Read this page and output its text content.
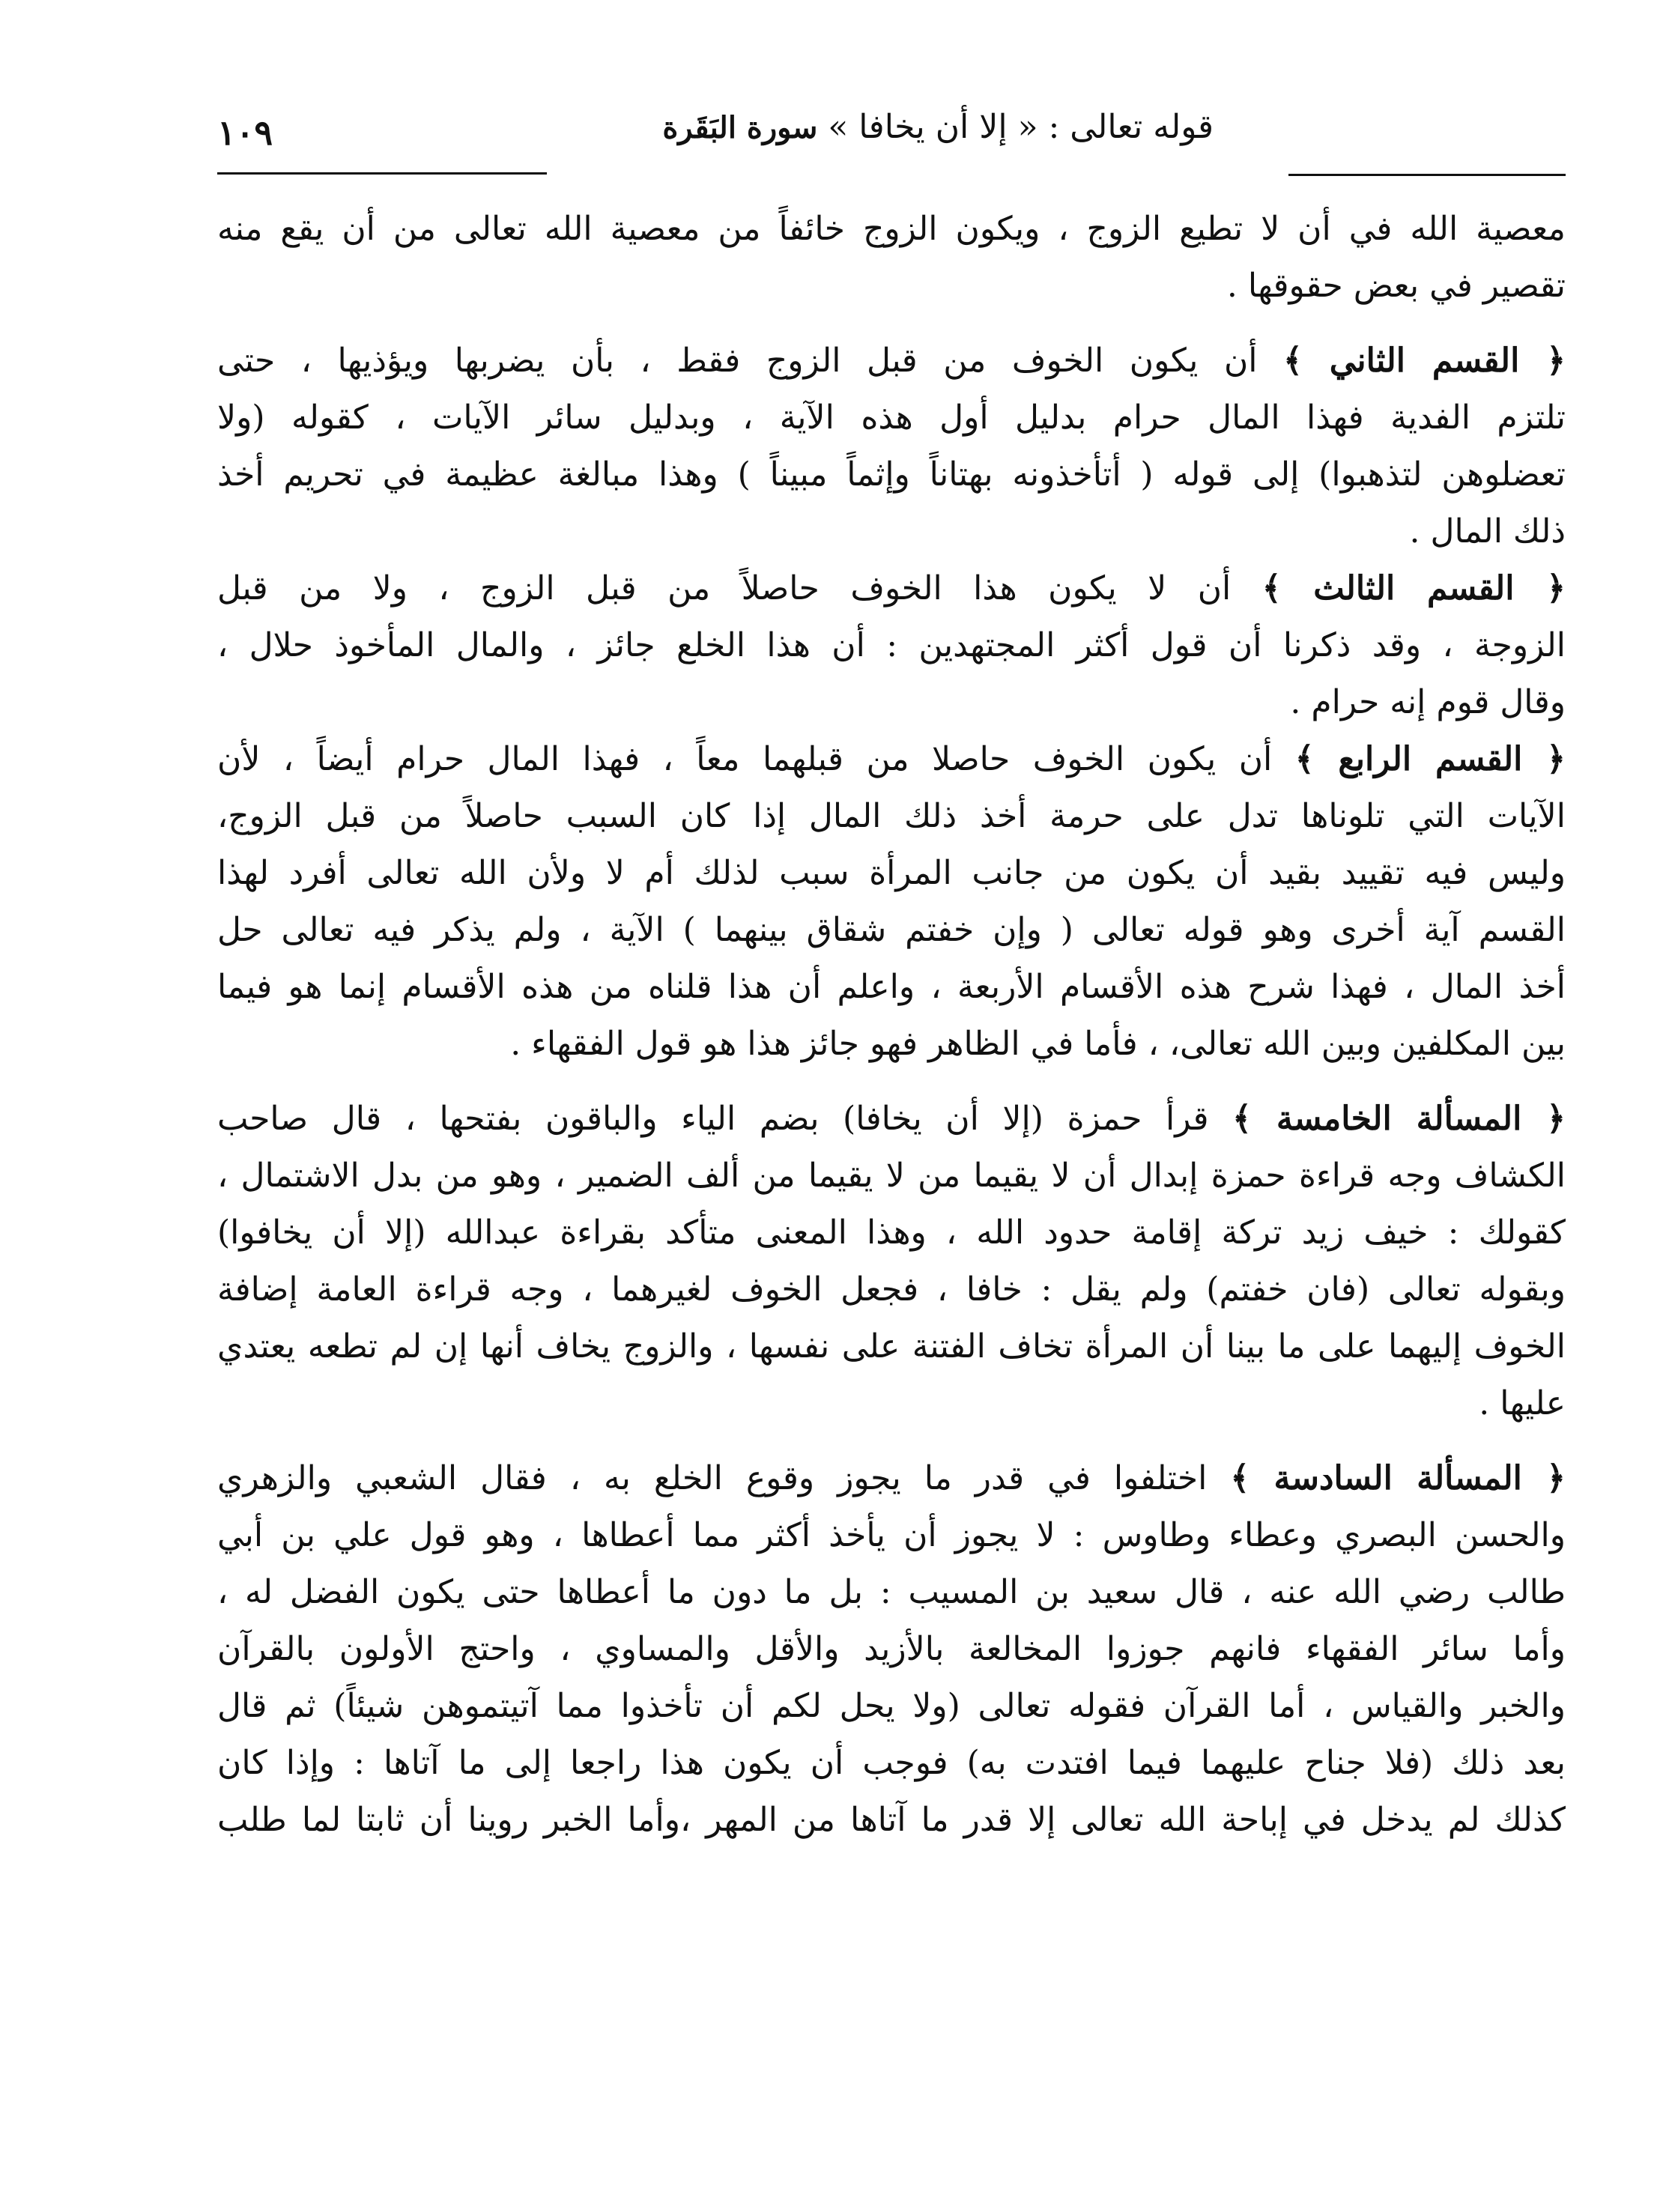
١٠٩	قوله تعالى : « إلا أن يخافا » سورة البَقَرة

معصية الله في أن لا تطيع الزوج ، ويكون الزوج خائفاً من معصية الله تعالى من أن يقع منه
تقصير في بعض حقوقها .

﴿ القسم الثاني ﴾ أن يكون الخوف من قبل الزوج فقط ، بأن يضربها ويؤذيها ، حتى
تلتزم الفدية فهذا المال حرام بدليل أول هذه الآية ، وبدليل سائر الآيات ، كقوله (ولا
تعضلوهن لتذهبوا) إلى قوله ( أتأخذونه بهتاناً وإثماً مبيناً ) وهذا مبالغة عظيمة في تحريم أخذ
ذلك المال .

﴿ القسم الثالث ﴾ أن لا يكون هذا الخوف حاصلاً من قبل الزوج ، ولا من قبل
الزوجة ، وقد ذكرنا أن قول أكثر المجتهدين : أن هذا الخلع جائز ، والمال المأخوذ حلال ،
وقال قوم إنه حرام .

﴿ القسم الرابع ﴾ أن يكون الخوف حاصلا من قبلهما معاً ، فهذا المال حرام أيضاً ، لأن
الآيات التي تلوناها تدل على حرمة أخذ ذلك المال إذا كان السبب حاصلاً من قبل الزوج،
وليس فيه تقييد بقيد أن يكون من جانب المرأة سبب لذلك أم لا ولأن الله تعالى أفرد لهذا
القسم آية أخرى وهو قوله تعالى ( وإن خفتم شقاق بينهما ) الآية ، ولم يذكر فيه تعالى حل
أخذ المال ، فهذا شرح هذه الأقسام الأربعة ، واعلم أن هذا قلناه من هذه الأقسام إنما هو فيما
بين المكلفين وبين الله تعالى، ، فأما في الظاهر فهو جائز هذا هو قول الفقهاء .

﴿ المسألة الخامسة ﴾ قرأ حمزة (إلا أن يخافا) بضم الياء والباقون بفتحها ، قال صاحب
الكشاف وجه قراءة حمزة إبدال أن لا يقيما من لا يقيما من ألف الضمير ، وهو من بدل الاشتمال ،
كقولك : خيف زيد تركة إقامة حدود الله ، وهذا المعنى متأكد بقراءة عبدالله (إلا أن يخافوا)
وبقوله تعالى (فان خفتم) ولم يقل : خافا ، فجعل الخوف لغيرهما ، وجه قراءة العامة إضافة
الخوف إليهما على ما بينا أن المرأة تخاف الفتنة على نفسها ، والزوج يخاف أنها إن لم تطعه يعتدي
عليها .

﴿ المسألة السادسة ﴾ اختلفوا في قدر ما يجوز وقوع الخلع به ، فقال الشعبي والزهري
والحسن البصري وعطاء وطاوس : لا يجوز أن يأخذ أكثر مما أعطاها ، وهو قول علي بن أبي
طالب رضي الله عنه ، قال سعيد بن المسيب : بل ما دون ما أعطاها حتى يكون الفضل له ،
وأما سائر الفقهاء فانهم جوزوا المخالعة بالأزيد والأقل والمساوي ، واحتج الأولون بالقرآن
والخبر والقياس ، أما القرآن فقوله تعالى (ولا يحل لكم أن تأخذوا مما آتيتموهن شيئاً) ثم قال
بعد ذلك (فلا جناح عليهما فيما افتدت به) فوجب أن يكون هذا راجعا إلى ما آتاها : وإذا كان
كذلك لم يدخل في إباحة الله تعالى إلا قدر ما آتاها من المهر ،وأما الخبر روينا أن ثابتا لما طلب
